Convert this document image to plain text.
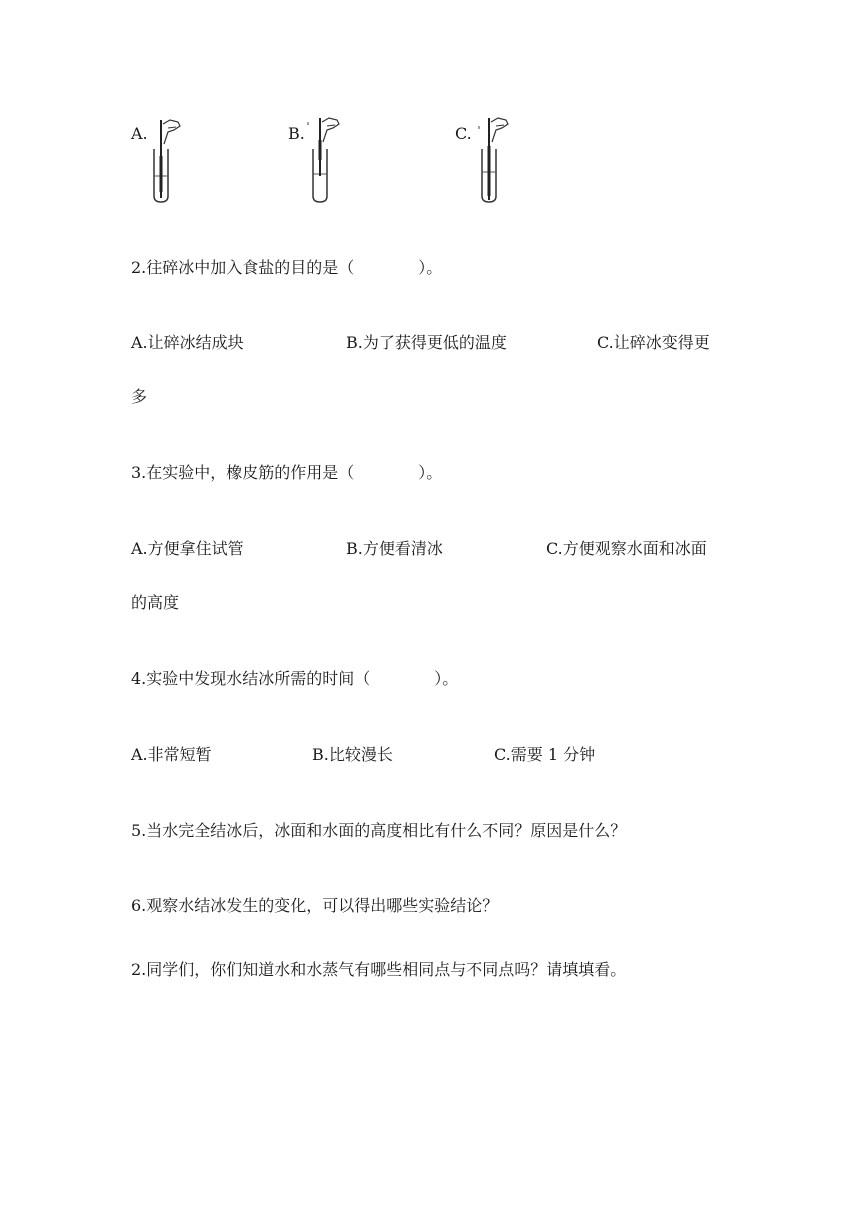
A.	B.	C.
2.往碎冰中加入食盐的目的是（　　　　）。
A.让碎冰结成块	B.为了获得更低的温度	C.让碎冰变得更
多
3.在实验中，橡皮筋的作用是（　　　　）。
A.方便拿住试管	B.方便看清冰	C.方便观察水面和冰面
的高度
4.实验中发现水结冰所需的时间（　　　　）。
A.非常短暂	B.比较漫长	C.需要 1 分钟
5.当水完全结冰后，冰面和水面的高度相比有什么不同？原因是什么？
6.观察水结冰发生的变化，可以得出哪些实验结论？
2.同学们，你们知道水和水蒸气有哪些相同点与不同点吗？请填填看。
